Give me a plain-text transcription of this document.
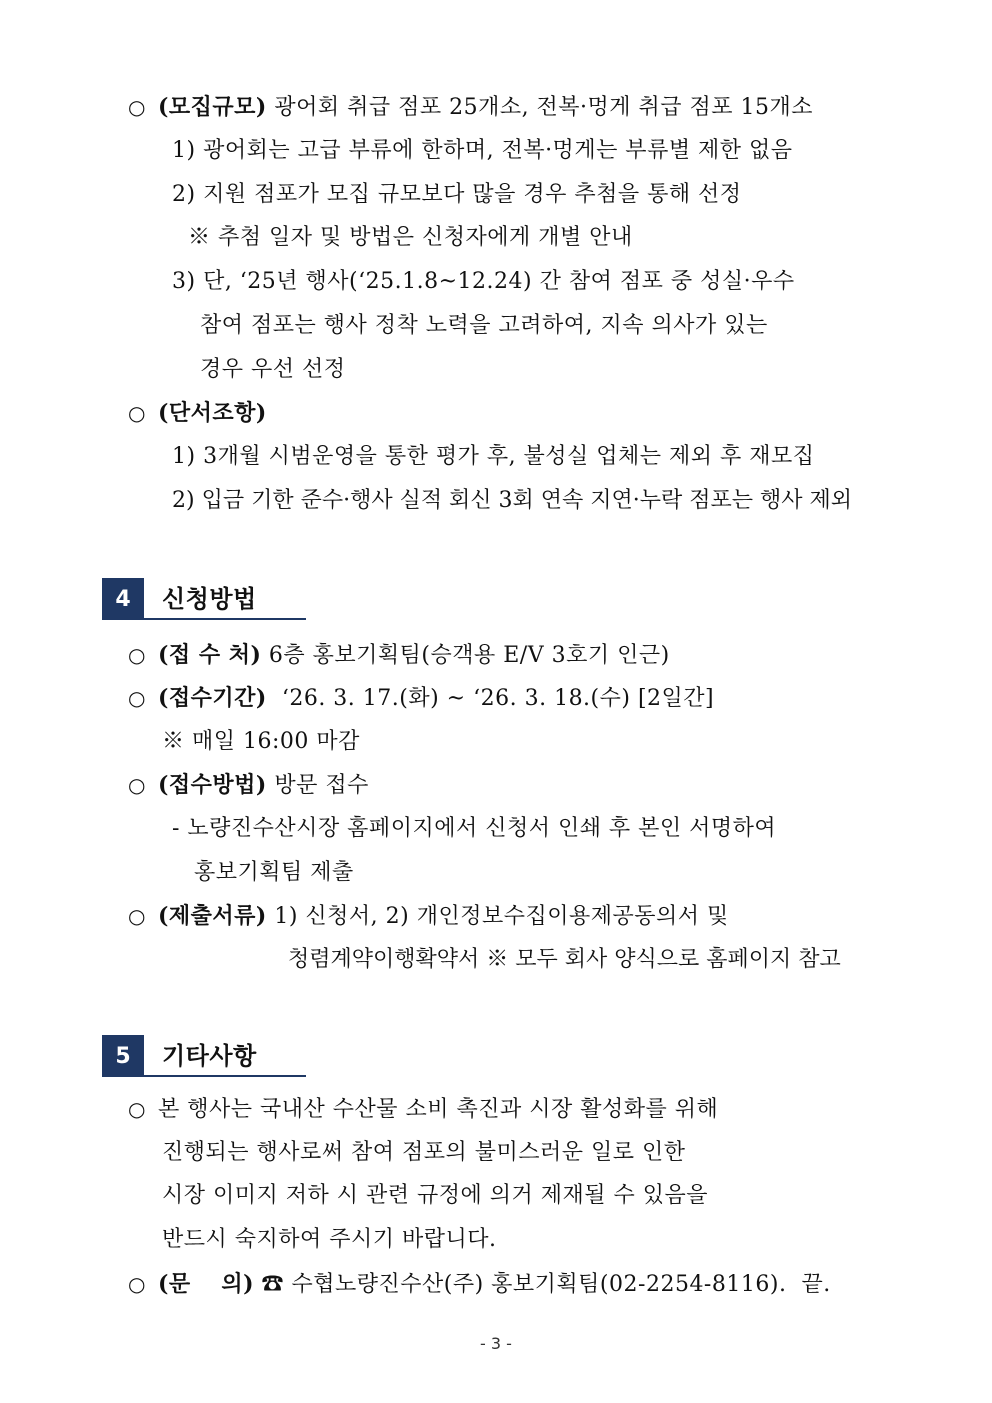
○ (모집규모) 광어회 취급 점포 25개소, 전복·멍게 취급 점포 15개소
1) 광어회는 고급 부류에 한하며, 전복·멍게는 부류별 제한 없음
2) 지원 점포가 모집 규모보다 많을 경우 추첨을 통해 선정
※ 추첨 일자 및 방법은 신청자에게 개별 안내
3) 단, ‘25년 행사(‘25.1.8~12.24) 간 참여 점포 중 성실·우수
참여 점포는 행사 정착 노력을 고려하여, 지속 의사가 있는
경우 우선 선정
○ (단서조항)
1) 3개월 시범운영을 통한 평가 후, 불성실 업체는 제외 후 재모집
2) 입금 기한 준수·행사 실적 회신 3회 연속 지연·누락 점포는 행사 제외
4	신청방법
○ (접 수 처) 6층 홍보기획팀(승객용 E/V 3호기 인근)
○ (접수기간) ‘26. 3. 17.(화) ~ ‘26. 3. 18.(수) [2일간]
※ 매일 16:00 마감
○ (접수방법) 방문 접수
- 노량진수산시장 홈페이지에서 신청서 인쇄 후 본인 서명하여
홍보기획팀 제출
○ (제출서류) 1) 신청서, 2) 개인정보수집이용제공동의서 및
청렴계약이행확약서 ※ 모두 회사 양식으로 홈페이지 참고
5	기타사항
○ 본 행사는 국내산 수산물 소비 촉진과 시장 활성화를 위해
진행되는 행사로써 참여 점포의 불미스러운 일로 인한
시장 이미지 저하 시 관련 규정에 의거 제재될 수 있음을
반드시 숙지하여 주시기 바랍니다.
○ (문　 의) ☎ 수협노량진수산(주) 홍보기획팀(02-2254-8116). 끝.
- 3 -
